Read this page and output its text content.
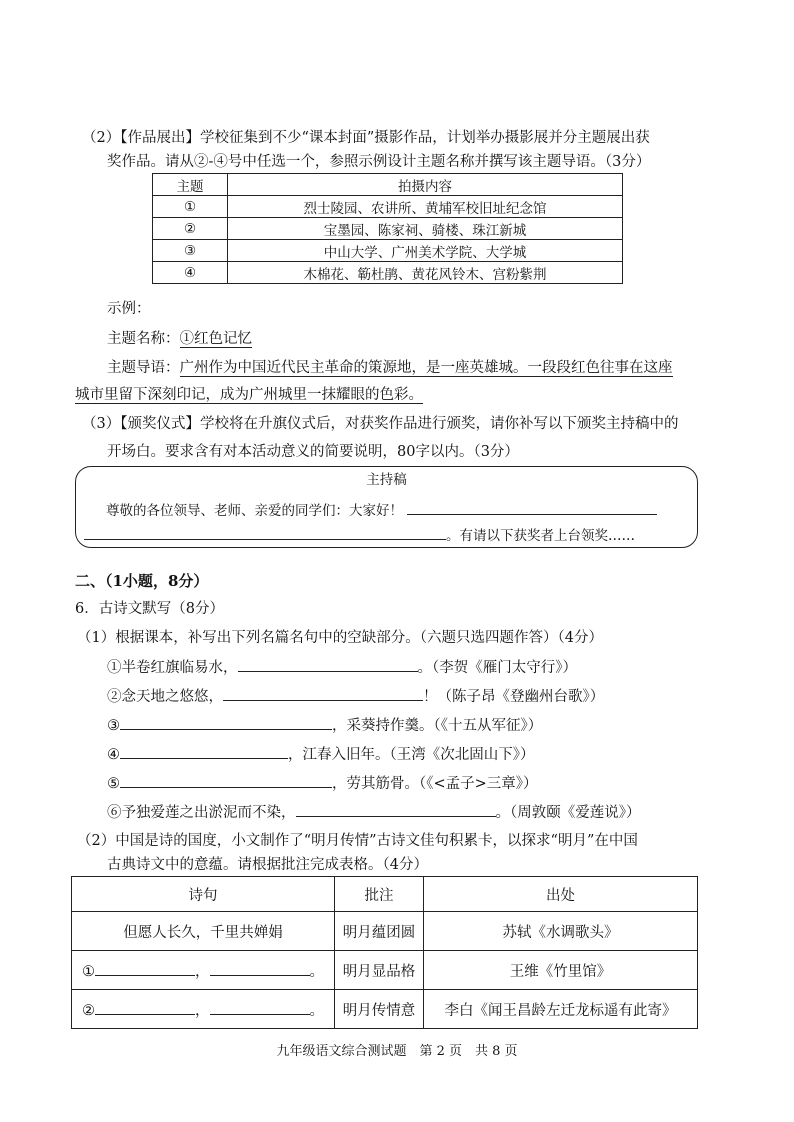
（2）【作品展出】学校征集到不少“课本封面”摄影作品，计划举办摄影展并分主题展出获
奖作品。请从②-④号中任选一个，参照示例设计主题名称并撰写该主题导语。（3分）
主题	拍摄内容
①	烈士陵园、农讲所、黄埔军校旧址纪念馆
②	宝墨园、陈家祠、骑楼、珠江新城
③	中山大学、广州美术学院、大学城
④	木棉花、簕杜鹃、黄花风铃木、宫粉紫荆
示例：
主题名称：①红色记忆
主题导语：广州作为中国近代民主革命的策源地，是一座英雄城。一段段红色往事在这座
城市里留下深刻印记，成为广州城里一抹耀眼的色彩。
（3）【颁奖仪式】学校将在升旗仪式后，对获奖作品进行颁奖，请你补写以下颁奖主持稿中的
开场白。要求含有对本活动意义的简要说明，80字以内。（3分）
主持稿
尊敬的各位领导、老师、亲爱的同学们：大家好！
。有请以下获奖者上台领奖……
二、（1小题，8分）
6．古诗文默写（8分）
（1）根据课本，补写出下列名篇名句中的空缺部分。（六题只选四题作答）（4分）
①半卷红旗临易水，	。（李贺《雁门太守行》）
②念天地之悠悠，	！（陈子昂《登幽州台歌》）
③	，采葵持作羹。（《十五从军征》）
④	，江春入旧年。（王湾《次北固山下》）
⑤	，劳其筋骨。（《<孟子>三章》）
⑥予独爱莲之出淤泥而不染，	。（周敦颐《爱莲说》）
（2）中国是诗的国度，小文制作了“明月传情”古诗文佳句积累卡，以探求“明月”在中国
古典诗文中的意蕴。请根据批注完成表格。（4分）
诗句	批注	出处
但愿人长久，千里共婵娟	明月蕴团圆	苏轼《水调歌头》
① ， 。	明月显品格	王维《竹里馆》
② ， 。	明月传情意	李白《闻王昌龄左迁龙标遥有此寄》
九年级语文综合测试题　第 2 页　共 8 页
